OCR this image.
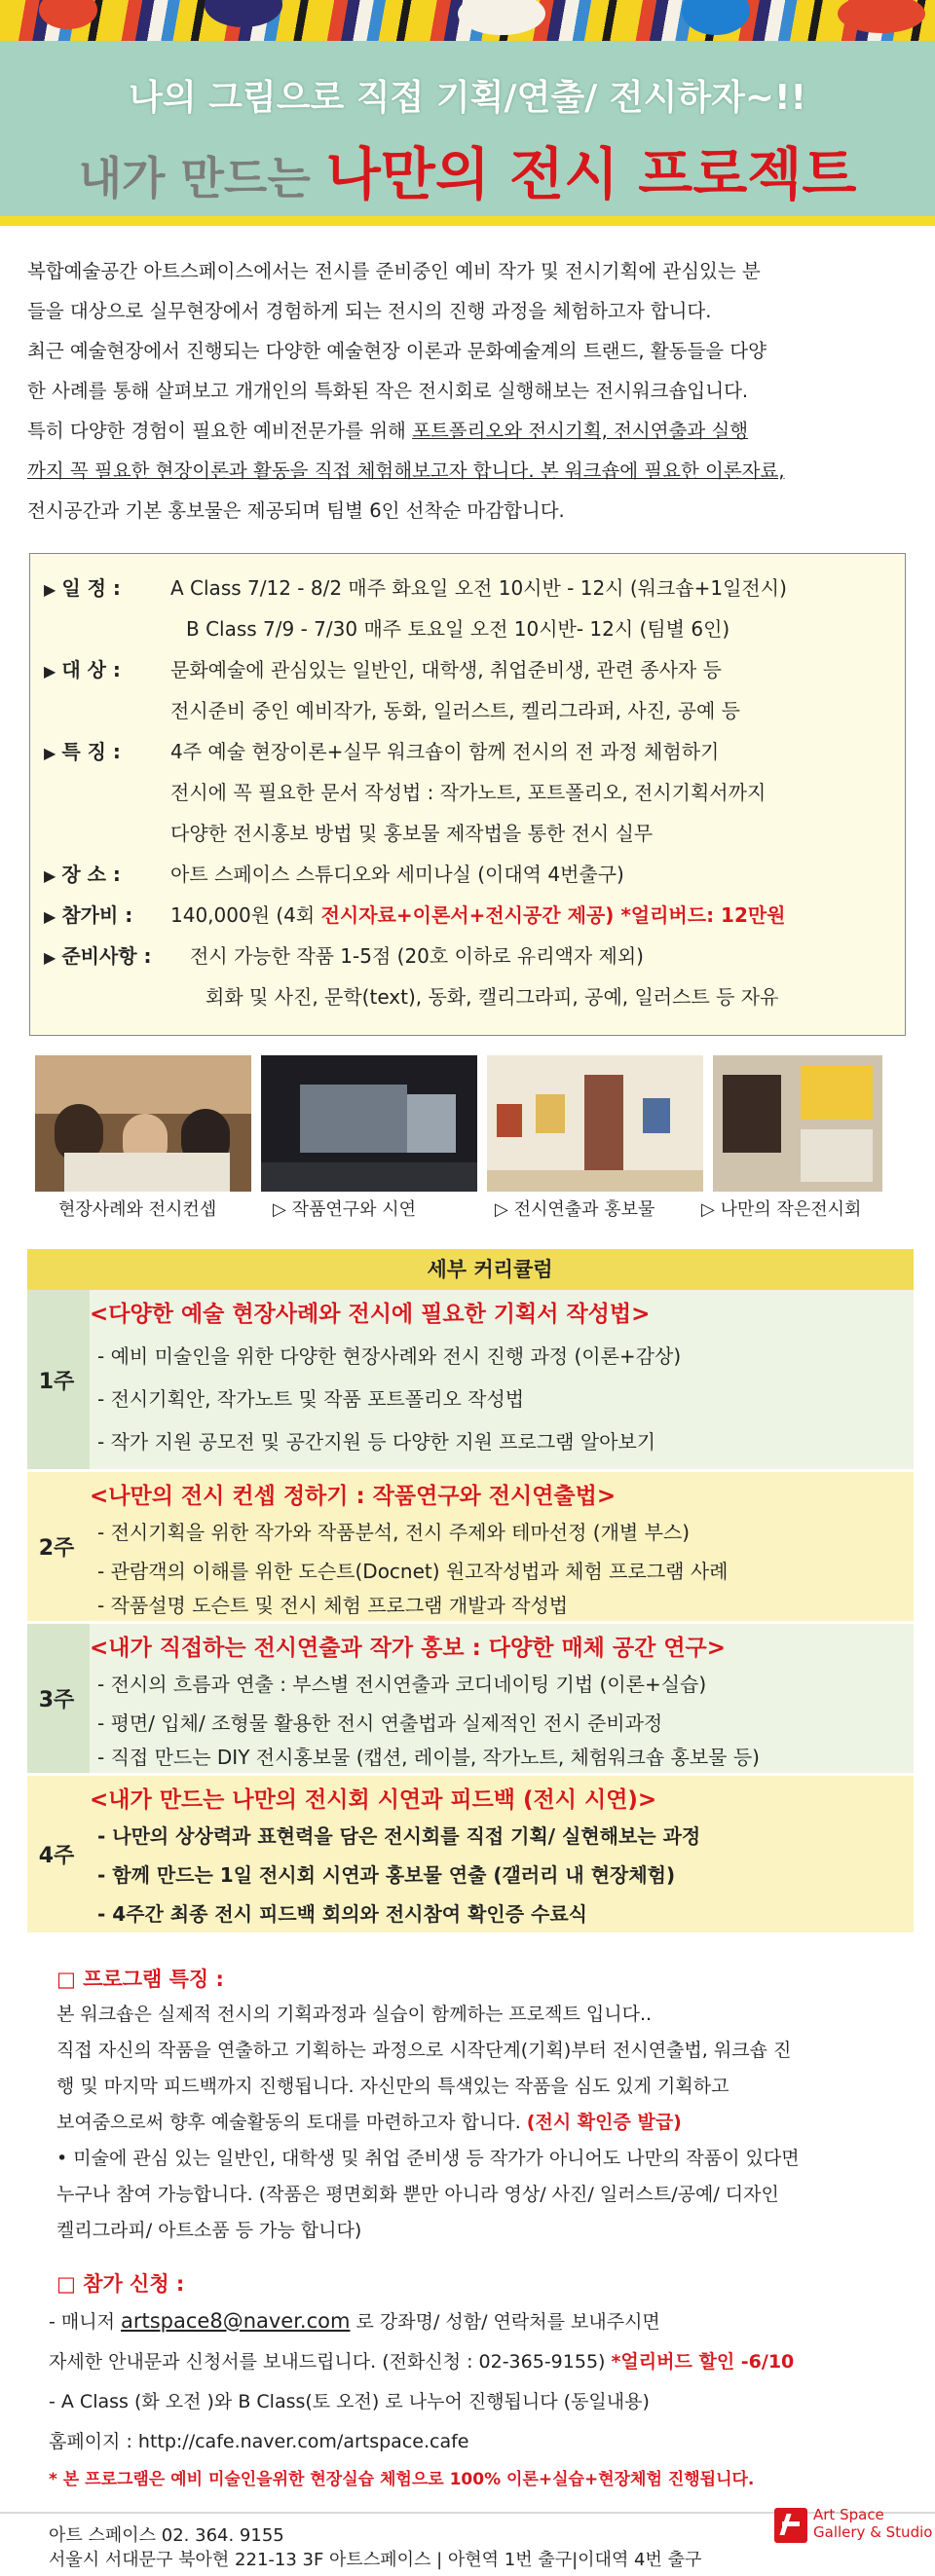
나의 그림으로 직접 기획/연출/ 전시하자~!!
내가 만드는 나만의 전시 프로젝트
복합예술공간 아트스페이스에서는 전시를 준비중인 예비 작가 및 전시기획에 관심있는 분
들을 대상으로 실무현장에서 경험하게 되는 전시의 진행 과정을 체험하고자 합니다.
최근 예술현장에서 진행되는 다양한 예술현장 이론과 문화예술계의 트랜드, 활동들을 다양
한 사례를 통해 살펴보고 개개인의 특화된 작은 전시회로 실행해보는 전시워크숍입니다.
특히 다양한 경험이 필요한 예비전문가를 위해 포트폴리오와 전시기획, 전시연출과 실행
까지 꼭 필요한 현장이론과 활동을 직접 체험해보고자 합니다. 본 워크숍에 필요한 이론자료,
전시공간과 기본 홍보물은 제공되며 팀별 6인 선착순 마감합니다.
▶ 일 정 :	A Class 7/12 - 8/2 매주 화요일 오전 10시반 - 12시 (워크숍+1일전시)
B Class 7/9 - 7/30 매주 토요일 오전 10시반- 12시 (팀별 6인)
▶ 대 상 :	문화예술에 관심있는 일반인, 대학생, 취업준비생, 관련 종사자 등
전시준비 중인 예비작가, 동화, 일러스트, 켈리그라퍼, 사진, 공예 등
▶ 특 징 :	4주 예술 현장이론+실무 워크숍이 함께 전시의 전 과정 체험하기
전시에 꼭 필요한 문서 작성법 : 작가노트, 포트폴리오, 전시기획서까지
다양한 전시홍보 방법 및 홍보물 제작법을 통한 전시 실무
▶ 장 소 :	아트 스페이스 스튜디오와 세미나실 (이대역 4번출구)
▶ 참가비 : 140,000원 (4회 전시자료+이론서+전시공간 제공) *얼리버드: 12만원
▶ 준비사항 : 전시 가능한 작품 1-5점 (20호 이하로 유리액자 제외)
회화 및 사진, 문학(text), 동화, 캘리그라피, 공예, 일러스트 등 자유
현장사례와 전시컨셉	▷ 작품연구와 시연	▷ 전시연출과 홍보물	▷ 나만의 작은전시회
세부 커리큘럼
1주
<다양한 예술 현장사례와 전시에 필요한 기획서 작성법>
- 예비 미술인을 위한 다양한 현장사례와 전시 진행 과정 (이론+감상)
- 전시기획안, 작가노트 및 작품 포트폴리오 작성법
- 작가 지원 공모전 및 공간지원 등 다양한 지원 프로그램 알아보기
2주
<나만의 전시 컨셉 정하기 : 작품연구와 전시연출법>
- 전시기획을 위한 작가와 작품분석, 전시 주제와 테마선정 (개별 부스)
- 관람객의 이해를 위한 도슨트(Docnet) 원고작성법과 체험 프로그램 사례
- 작품설명 도슨트 및 전시 체험 프로그램 개발과 작성법
3주
<내가 직접하는 전시연출과 작가 홍보 : 다양한 매체 공간 연구>
- 전시의 흐름과 연출 : 부스별 전시연출과 코디네이팅 기법 (이론+실습)
- 평면/ 입체/ 조형물 활용한 전시 연출법과 실제적인 전시 준비과정
- 직접 만드는 DIY 전시홍보물 (캡션, 레이블, 작가노트, 체험워크숍 홍보물 등)
4주
<내가 만드는 나만의 전시회 시연과 피드백 (전시 시연)>
- 나만의 상상력과 표현력을 담은 전시회를 직접 기획/ 실현해보는 과정
- 함께 만드는 1일 전시회 시연과 홍보물 연출 (갤러리 내 현장체험)
- 4주간 최종 전시 피드백 회의와 전시참여 확인증 수료식
□ 프로그램 특징 :
본 워크숍은 실제적 전시의 기획과정과 실습이 함께하는 프로젝트 입니다..
직접 자신의 작품을 연출하고 기획하는 과정으로 시작단계(기획)부터 전시연출법, 워크숍 진
행 및 마지막 피드백까지 진행됩니다. 자신만의 특색있는 작품을 심도 있게 기획하고
보여줌으로써 향후 예술활동의 토대를 마련하고자 합니다. (전시 확인증 발급)
• 미술에 관심 있는 일반인, 대학생 및 취업 준비생 등 작가가 아니어도 나만의 작품이 있다면
누구나 참여 가능합니다. (작품은 평면회화 뿐만 아니라 영상/ 사진/ 일러스트/공예/ 디자인
켈리그라피/ 아트소품 등 가능 합니다)
□ 참가 신청 :
- 매니저 artspace8@naver.com 로 강좌명/ 성함/ 연락처를 보내주시면
자세한 안내문과 신청서를 보내드립니다. (전화신청 : 02-365-9155) *얼리버드 할인 -6/10
- A Class (화 오전 )와 B Class(토 오전) 로 나누어 진행됩니다 (동일내용)
홈페이지 : http://cafe.naver.com/artspace.cafe
* 본 프로그램은 예비 미술인을위한 현장실습 체험으로 100% 이론+실습+현장체험 진행됩니다.
아트 스페이스 02. 364. 9155
서울시 서대문구 북아현 221-13 3F 아트스페이스 | 아현역 1번 출구|이대역 4번 출구
Art Space
Gallery & Studio
